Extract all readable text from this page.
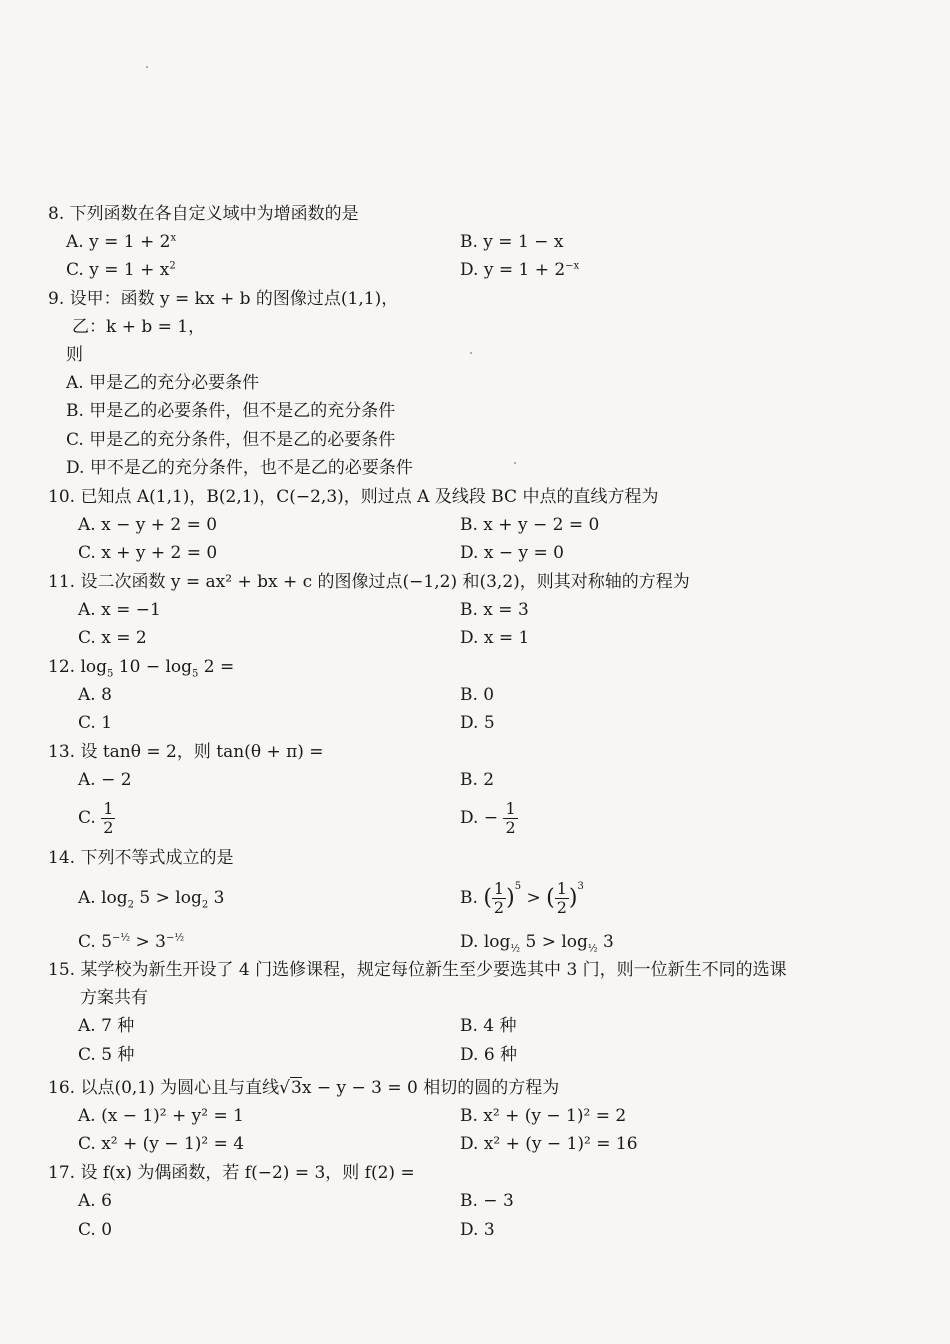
8. 下列函数在各自定义域中为增函数的是
A. $y = 1 + 2^x$	B. y = 1 − x
C. $y = 1 + x^2$	D. $y = 1 + 2^{-x}$
9. 设甲：函数 y = kx + b 的图像过点(1,1)，
乙：k + b = 1，
则
A. 甲是乙的充分必要条件
B. 甲是乙的必要条件，但不是乙的充分条件
C. 甲是乙的充分条件，但不是乙的必要条件
D. 甲不是乙的充分条件，也不是乙的必要条件
10. 已知点 A(1,1)，B(2,1)，C(−2,3)，则过点 A 及线段 BC 中点的直线方程为
A. x − y + 2 = 0	B. x + y − 2 = 0
C. x + y + 2 = 0	D. x − y = 0
11. 设二次函数 y = ax² + bx + c 的图像过点(−1,2) 和(3,2)，则其对称轴的方程为
A. x = −1	B. x = 3
C. x = 2	D. x = 1
12. $\log_5 10 - \log_5 2$ =
A. 8	B. 0
C. 1	D. 5
13. 设 tanθ = 2，则 tan(θ + π) =
A. − 2	B. 2
C. $\frac{1}{2}$	D. − $\frac{1}{2}$
14. 下列不等式成立的是
A. $\log_2 5 > \log_2 3$	B. ( $\frac{1}{2} )^5$ > ( $\frac{1}{2} )^3$
C. $5^{-\frac{1}{2}} > 3^{-\frac{1}{2}}$	D. $\log_{\frac{1}{2}} 5 > \log_{\frac{1}{2}} 3$
15. 某学校为新生开设了 4 门选修课程，规定每位新生至少要选其中 3 门，则一位新生不同的选课
方案共有
A. 7 种	B. 4 种
C. 5 种	D. 6 种
16. 以点(0,1) 为圆心且与直线√3x − y − 3 = 0 相切的圆的方程为
A. (x − 1)² + y² = 1	B. x² + (y − 1)² = 2
C. x² + (y − 1)² = 4	D. x² + (y − 1)² = 16
17. 设 f(x) 为偶函数，若 f(−2) = 3，则 f(2) =
A. 6	B. − 3
C. 0	D. 3
